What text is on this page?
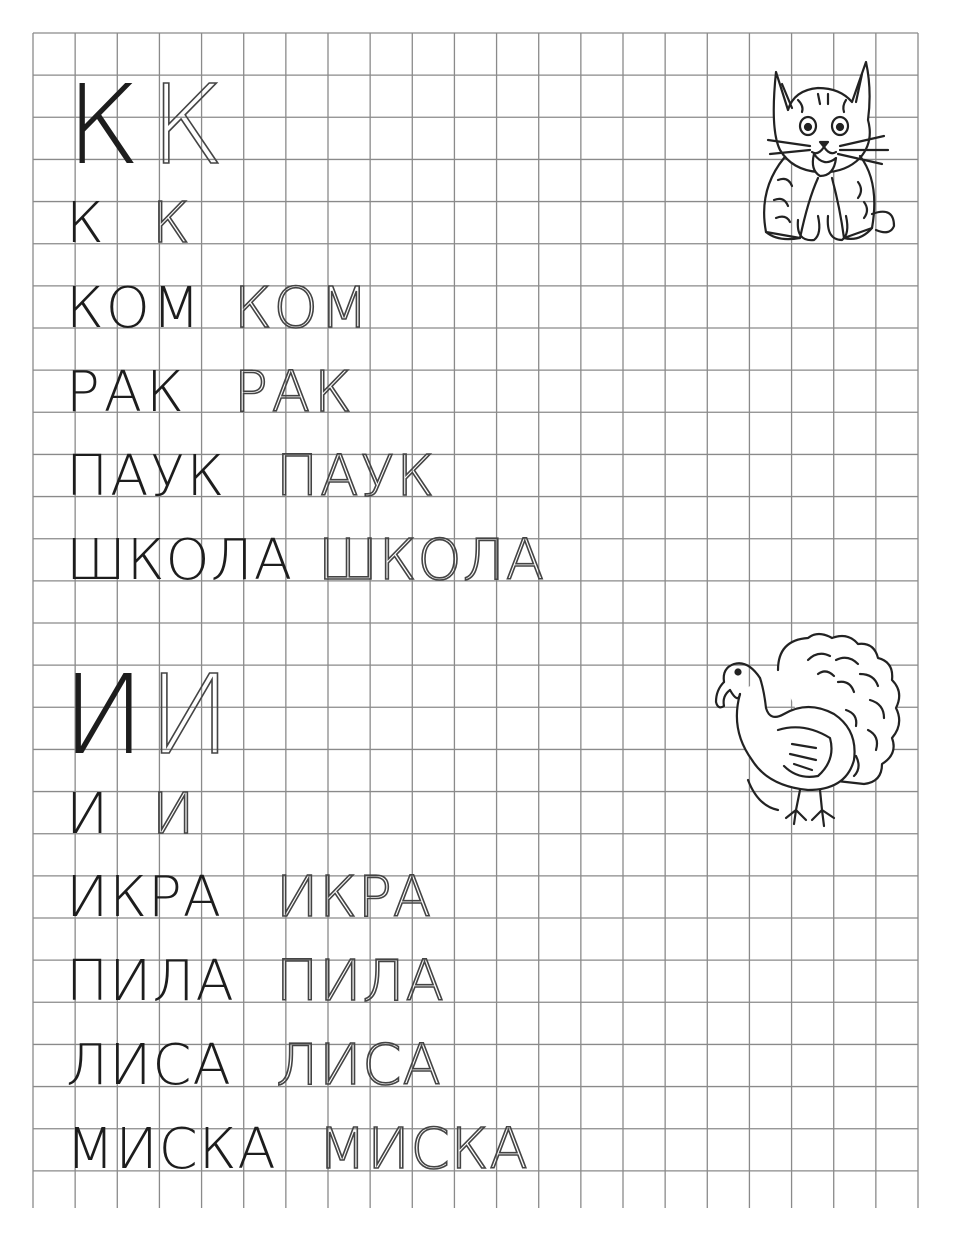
К К
К К
КОМ КОМ
РАК РАК
ПАУК ПАУК
ШКОЛА ШКОЛА
И И
И И
ИКРА ИКРА
ПИЛА ПИЛА
ЛИСА ЛИСА
МИСКА МИСКА
